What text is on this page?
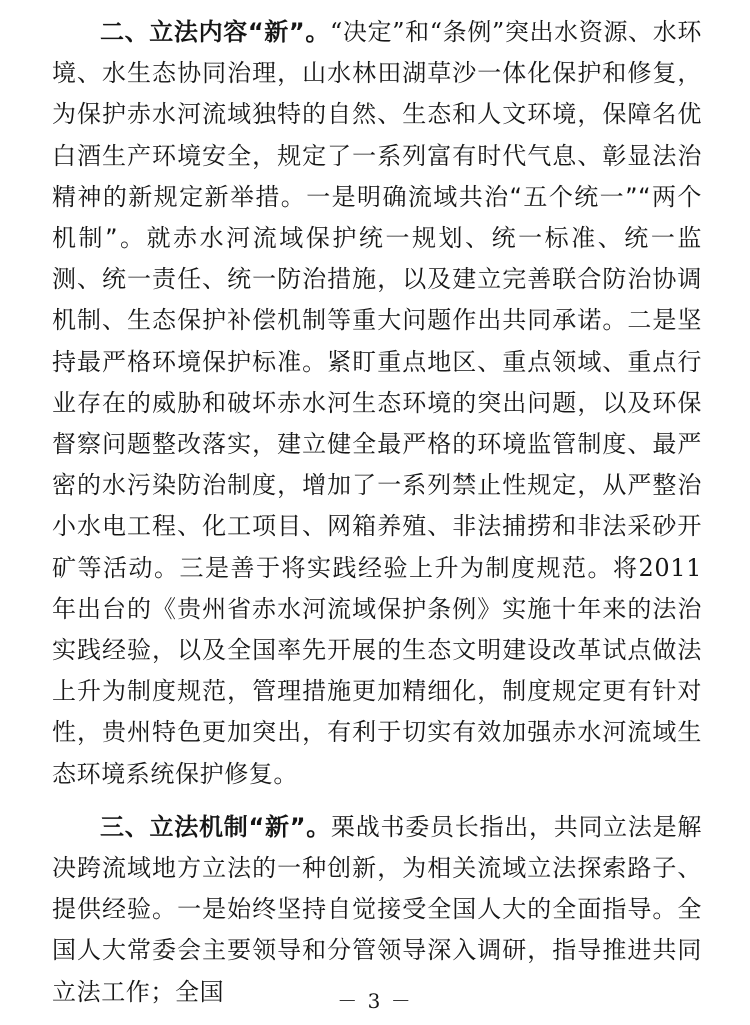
二、立法内容“新”。“决定”和“条例”突出水资源、水环境、水生态协同治理，山水林田湖草沙一体化保护和修复，为保护赤水河流域独特的自然、生态和人文环境，保障名优白酒生产环境安全，规定了一系列富有时代气息、彰显法治精神的新规定新举措。一是明确流域共治“五个统一”“两个机制”。就赤水河流域保护统一规划、统一标准、统一监测、统一责任、统一防治措施，以及建立完善联合防治协调机制、生态保护补偿机制等重大问题作出共同承诺。二是坚持最严格环境保护标准。紧盯重点地区、重点领域、重点行业存在的威胁和破坏赤水河生态环境的突出问题，以及环保督察问题整改落实，建立健全最严格的环境监管制度、最严密的水污染防治制度，增加了一系列禁止性规定，从严整治小水电工程、化工项目、网箱养殖、非法捕捞和非法采砂开矿等活动。三是善于将实践经验上升为制度规范。将2011年出台的《贵州省赤水河流域保护条例》实施十年来的法治实践经验，以及全国率先开展的生态文明建设改革试点做法上升为制度规范，管理措施更加精细化，制度规定更有针对性，贵州特色更加突出，有利于切实有效加强赤水河流域生态环境系统保护修复。

三、立法机制“新”。栗战书委员长指出，共同立法是解决跨流域地方立法的一种创新，为相关流域立法探索路子、提供经验。一是始终坚持自觉接受全国人大的全面指导。全国人大常委会主要领导和分管领导深入调研，指导推进共同立法工作；全国	－ 3 －
